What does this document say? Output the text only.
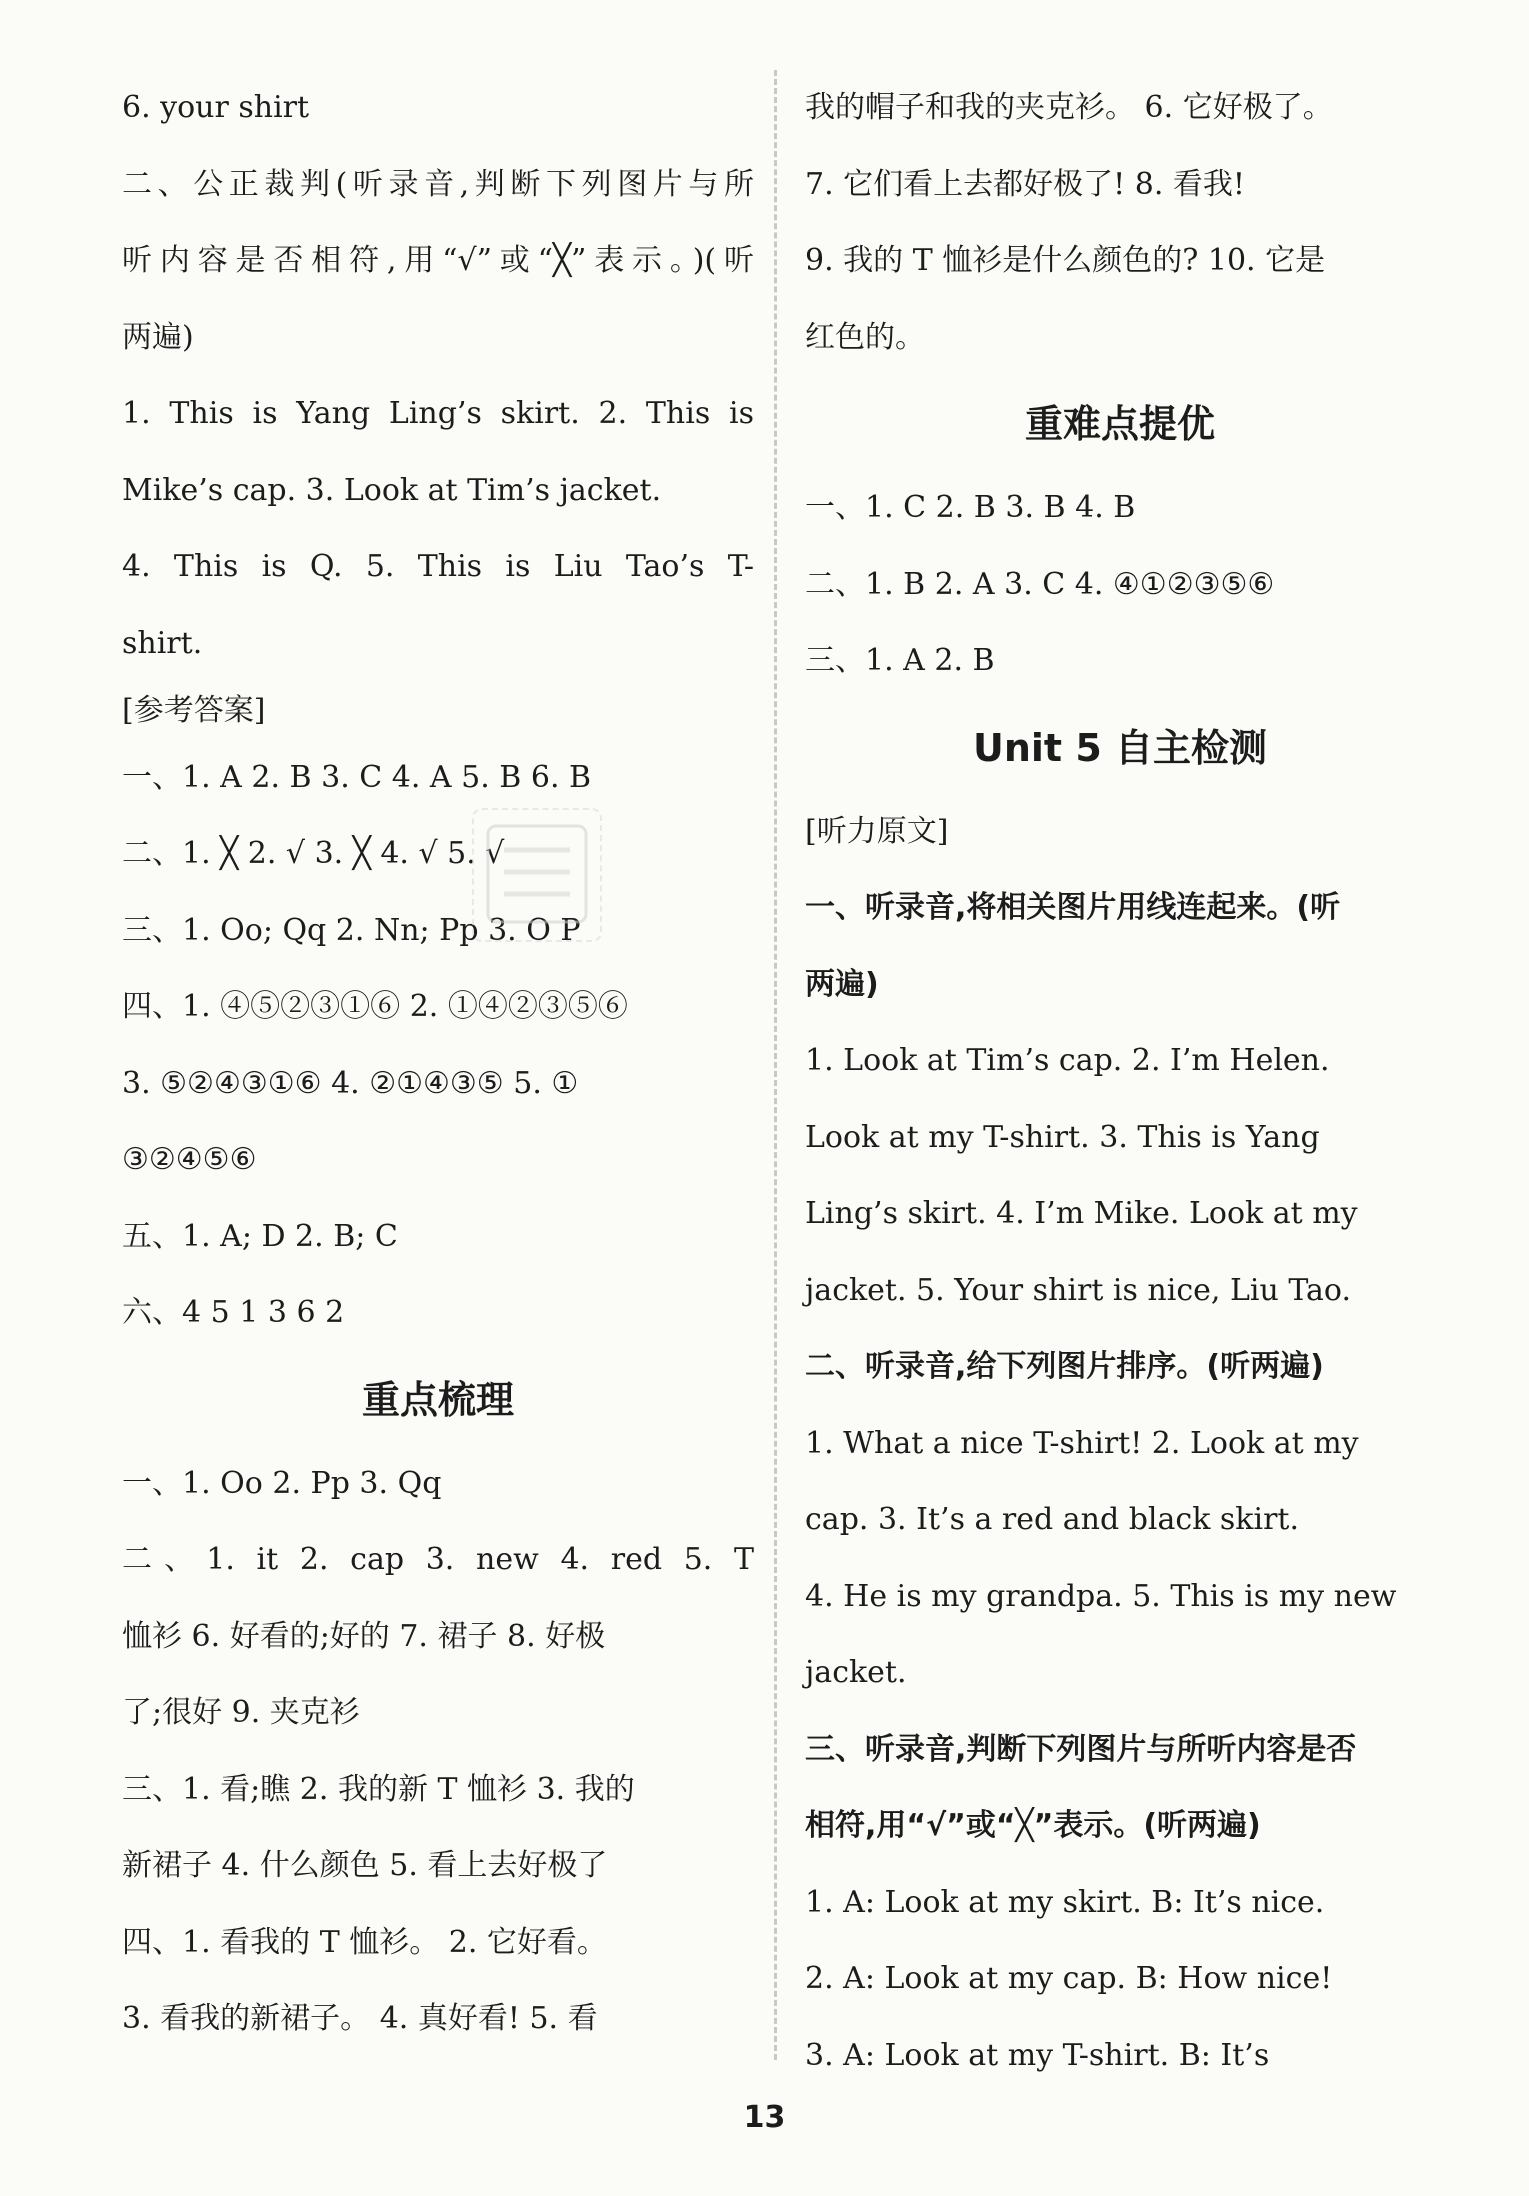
6. your shirt
二、公正裁判(听录音,判断下列图片与所
听内容是否相符,用“√”或“╳”表示。)(听
两遍)
1. This is Yang Ling’s skirt. 2. This is
Mike’s cap. 3. Look at Tim’s jacket.
4. This is Q. 5. This is Liu Tao’s T-
shirt.
[参考答案]
一、1. A 2. B 3. C 4. A 5. B 6. B
二、1. ╳ 2. √ 3. ╳ 4. √ 5. √
三、1. Oo; Qq 2. Nn; Pp 3. O P
四、1. ④⑤②③①⑥ 2. ①④②③⑤⑥
3. ⑤②④③①⑥ 4. ②①④③⑤ 5. ①
③②④⑤⑥
五、1. A; D 2. B; C
六、4 5 1 3 6 2
重点梳理
一、1. Oo 2. Pp 3. Qq
二、1. it 2. cap 3. new 4. red 5. T
恤衫 6. 好看的;好的 7. 裙子 8. 好极
了;很好 9. 夹克衫
三、1. 看;瞧 2. 我的新 T 恤衫 3. 我的
新裙子 4. 什么颜色 5. 看上去好极了
四、1. 看我的 T 恤衫。 2. 它好看。
3. 看我的新裙子。 4. 真好看! 5. 看
我的帽子和我的夹克衫。 6. 它好极了。
7. 它们看上去都好极了! 8. 看我!
9. 我的 T 恤衫是什么颜色的? 10. 它是
红色的。
重难点提优
一、1. C 2. B 3. B 4. B
二、1. B 2. A 3. C 4. ④①②③⑤⑥
三、1. A 2. B
Unit 5 自主检测
[听力原文]
一、听录音,将相关图片用线连起来。(听
两遍)
1. Look at Tim’s cap. 2. I’m Helen.
Look at my T-shirt. 3. This is Yang
Ling’s skirt. 4. I’m Mike. Look at my
jacket. 5. Your shirt is nice, Liu Tao.
二、听录音,给下列图片排序。(听两遍)
1. What a nice T-shirt! 2. Look at my
cap. 3. It’s a red and black skirt.
4. He is my grandpa. 5. This is my new
jacket.
三、听录音,判断下列图片与所听内容是否
相符,用“√”或“╳”表示。(听两遍)
1. A: Look at my skirt. B: It’s nice.
2. A: Look at my cap. B: How nice!
3. A: Look at my T-shirt. B: It’s
13
